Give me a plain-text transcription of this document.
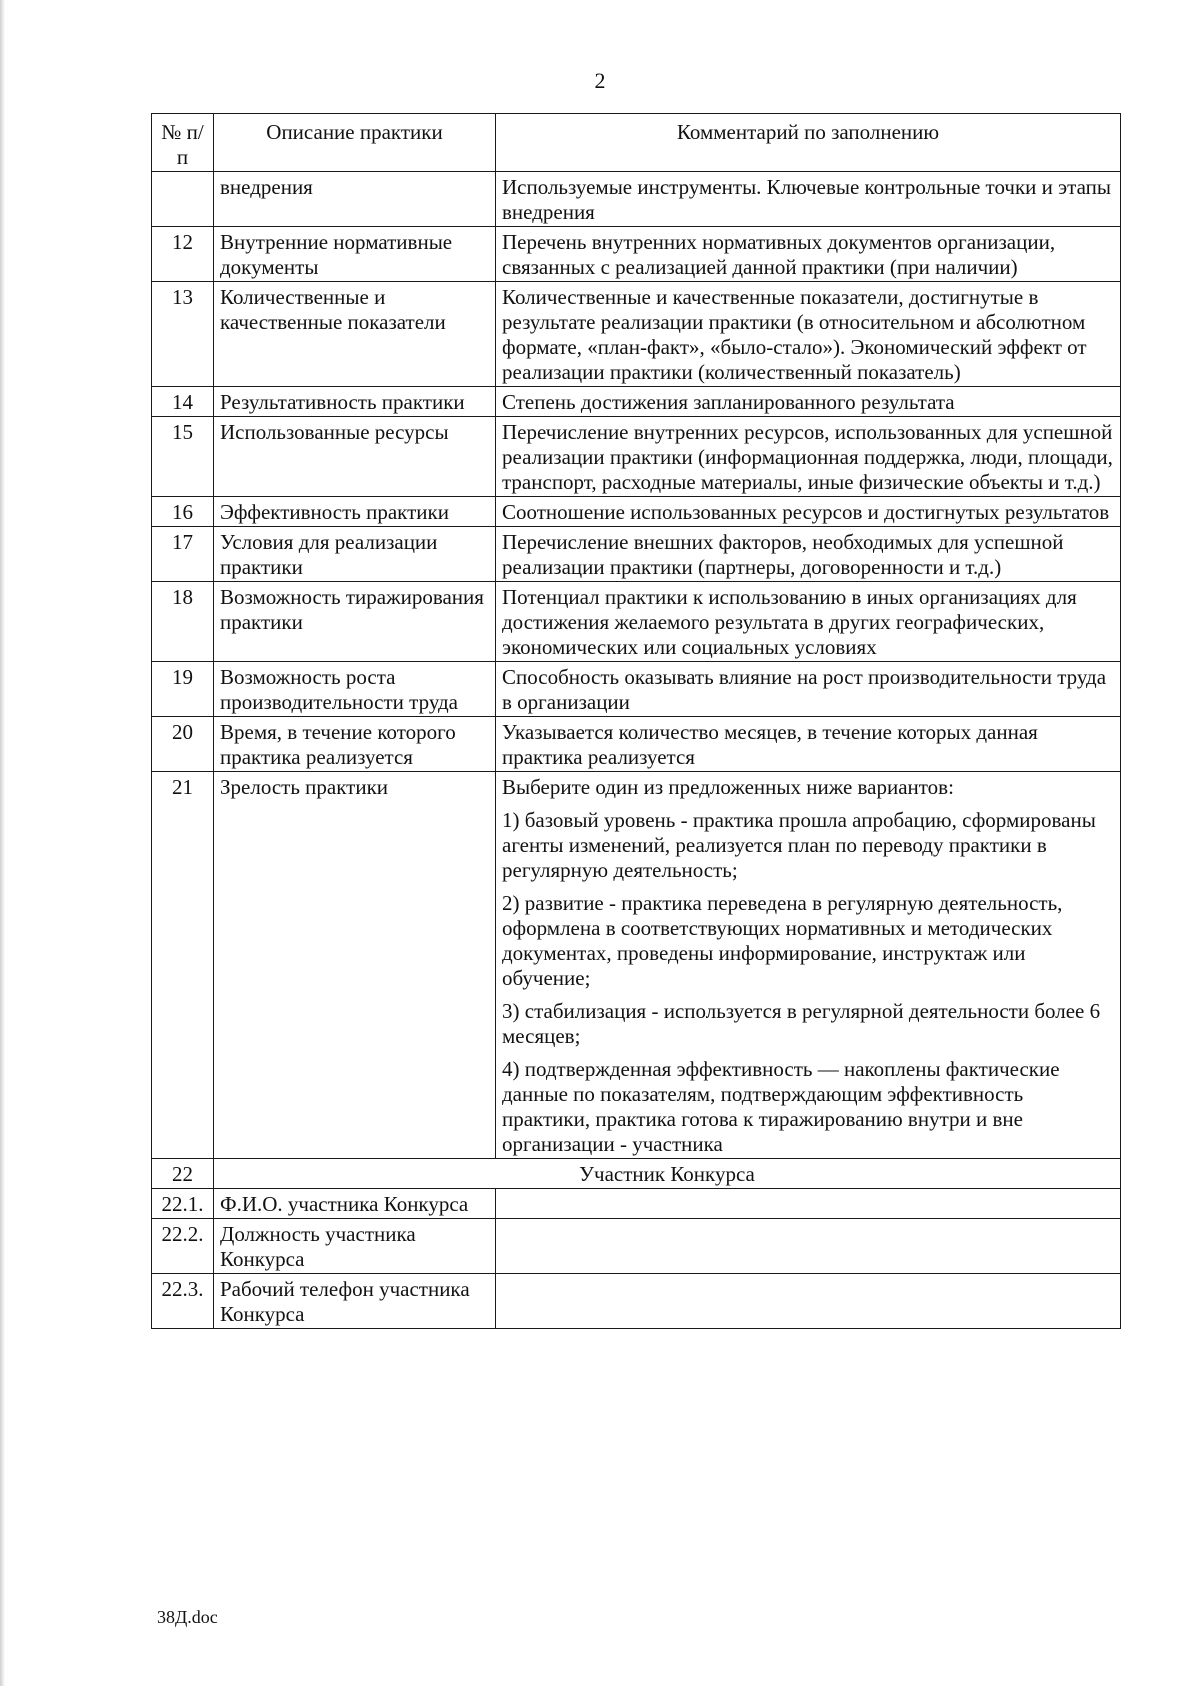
2
№ п/п	Описание практики	Комментарий по заполнению
	внедрения	Используемые инструменты. Ключевые контрольные точки и этапы внедрения
12	Внутренние нормативные документы	Перечень внутренних нормативных документов организации, связанных с реализацией данной практики (при наличии)
13	Количественные и качественные показатели	Количественные и качественные показатели, достигнутые в результате реализации практики (в относительном и абсолютном формате, «план-факт», «было-стало»). Экономический эффект от реализации практики (количественный показатель)
14	Результативность практики	Степень достижения запланированного результата
15	Использованные ресурсы	Перечисление внутренних ресурсов, использованных для успешной реализации практики (информационная поддержка, люди, площади, транспорт, расходные материалы, иные физические объекты и т.д.)
16	Эффективность практики	Соотношение использованных ресурсов и достигнутых результатов
17	Условия для реализации практики	Перечисление внешних факторов, необходимых для успешной реализации практики (партнеры, договоренности и т.д.)
18	Возможность тиражирования практики	Потенциал практики к использованию в иных организациях для достижения желаемого результата в других географических, экономических или социальных условиях
19	Возможность роста производительности труда	Способность оказывать влияние на рост производительности труда в организации
20	Время, в течение которого практика реализуется	Указывается количество месяцев, в течение которых данная практика реализуется
21	Зрелость практики	Выберите один из предложенных ниже вариантов:

1) базовый уровень - практика прошла апробацию, сформированы агенты изменений, реализуется план по переводу практики в регулярную деятельность;

2) развитие - практика переведена в регулярную деятельность, оформлена в соответствующих нормативных и методических документах, проведены информирование, инструктаж или обучение;

3) стабилизация - используется в регулярной деятельности более 6 месяцев;

4) подтвержденная эффективность — накоплены фактические данные по показателям, подтверждающим эффективность практики, практика готова к тиражированию внутри и вне организации - участника

22	Участник Конкурса	
22.1.	Ф.И.О. участника Конкурса	
22.2.	Должность участника Конкурса	
22.3.	Рабочий телефон участника Конкурса	
38Д.doc
